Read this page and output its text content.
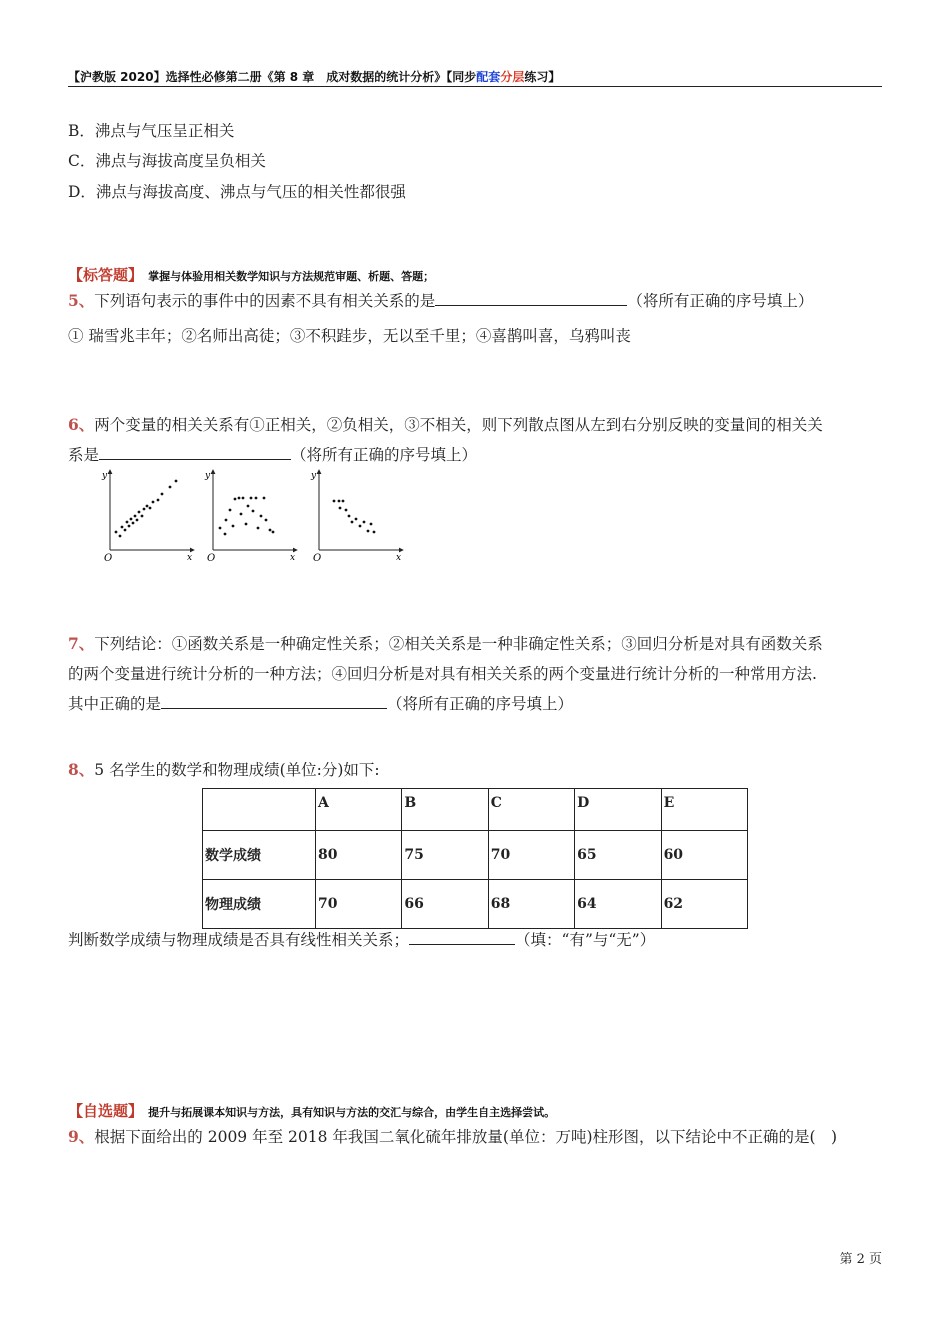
【沪教版 2020】选择性必修第二册《第 8 章　成对数据的统计分析》【同步配套分层练习】
B．沸点与气压呈正相关
C．沸点与海拔高度呈负相关
D．沸点与海拔高度、沸点与气压的相关性都很强
【标答题】 掌握与体验用相关数学知识与方法规范审题、析题、答题；
5、下列语句表示的事件中的因素不具有相关关系的是	（将所有正确的序号填上）
① 瑞雪兆丰年；②名师出高徒；③不积跬步，无以至千里；④喜鹊叫喜，乌鸦叫丧
6、两个变量的相关关系有①正相关，②负相关，③不相关，则下列散点图从左到右分别反映的变量间的相关关
系是	（将所有正确的序号填上）
y
x
O
y
x
O
y
x
O
7、下列结论：①函数关系是一种确定性关系；②相关关系是一种非确定性关系；③回归分析是对具有函数关系
的两个变量进行统计分析的一种方法；④回归分析是对具有相关关系的两个变量进行统计分析的一种常用方法.
其中正确的是	（将所有正确的序号填上）
8、5 名学生的数学和物理成绩(单位:分)如下:
	A	B	C	D	E
数学成绩	80	75	70	65	60
物理成绩	70	66	68	64	62
判断数学成绩与物理成绩是否具有线性相关关系；	（填：“有”与“无”）
【自选题】 提升与拓展课本知识与方法，具有知识与方法的交汇与综合，由学生自主选择尝试。
9、根据下面给出的 2009 年至 2018 年我国二氧化硫年排放量(单位：万吨)柱形图，以下结论中不正确的是(　)
第 2 页
